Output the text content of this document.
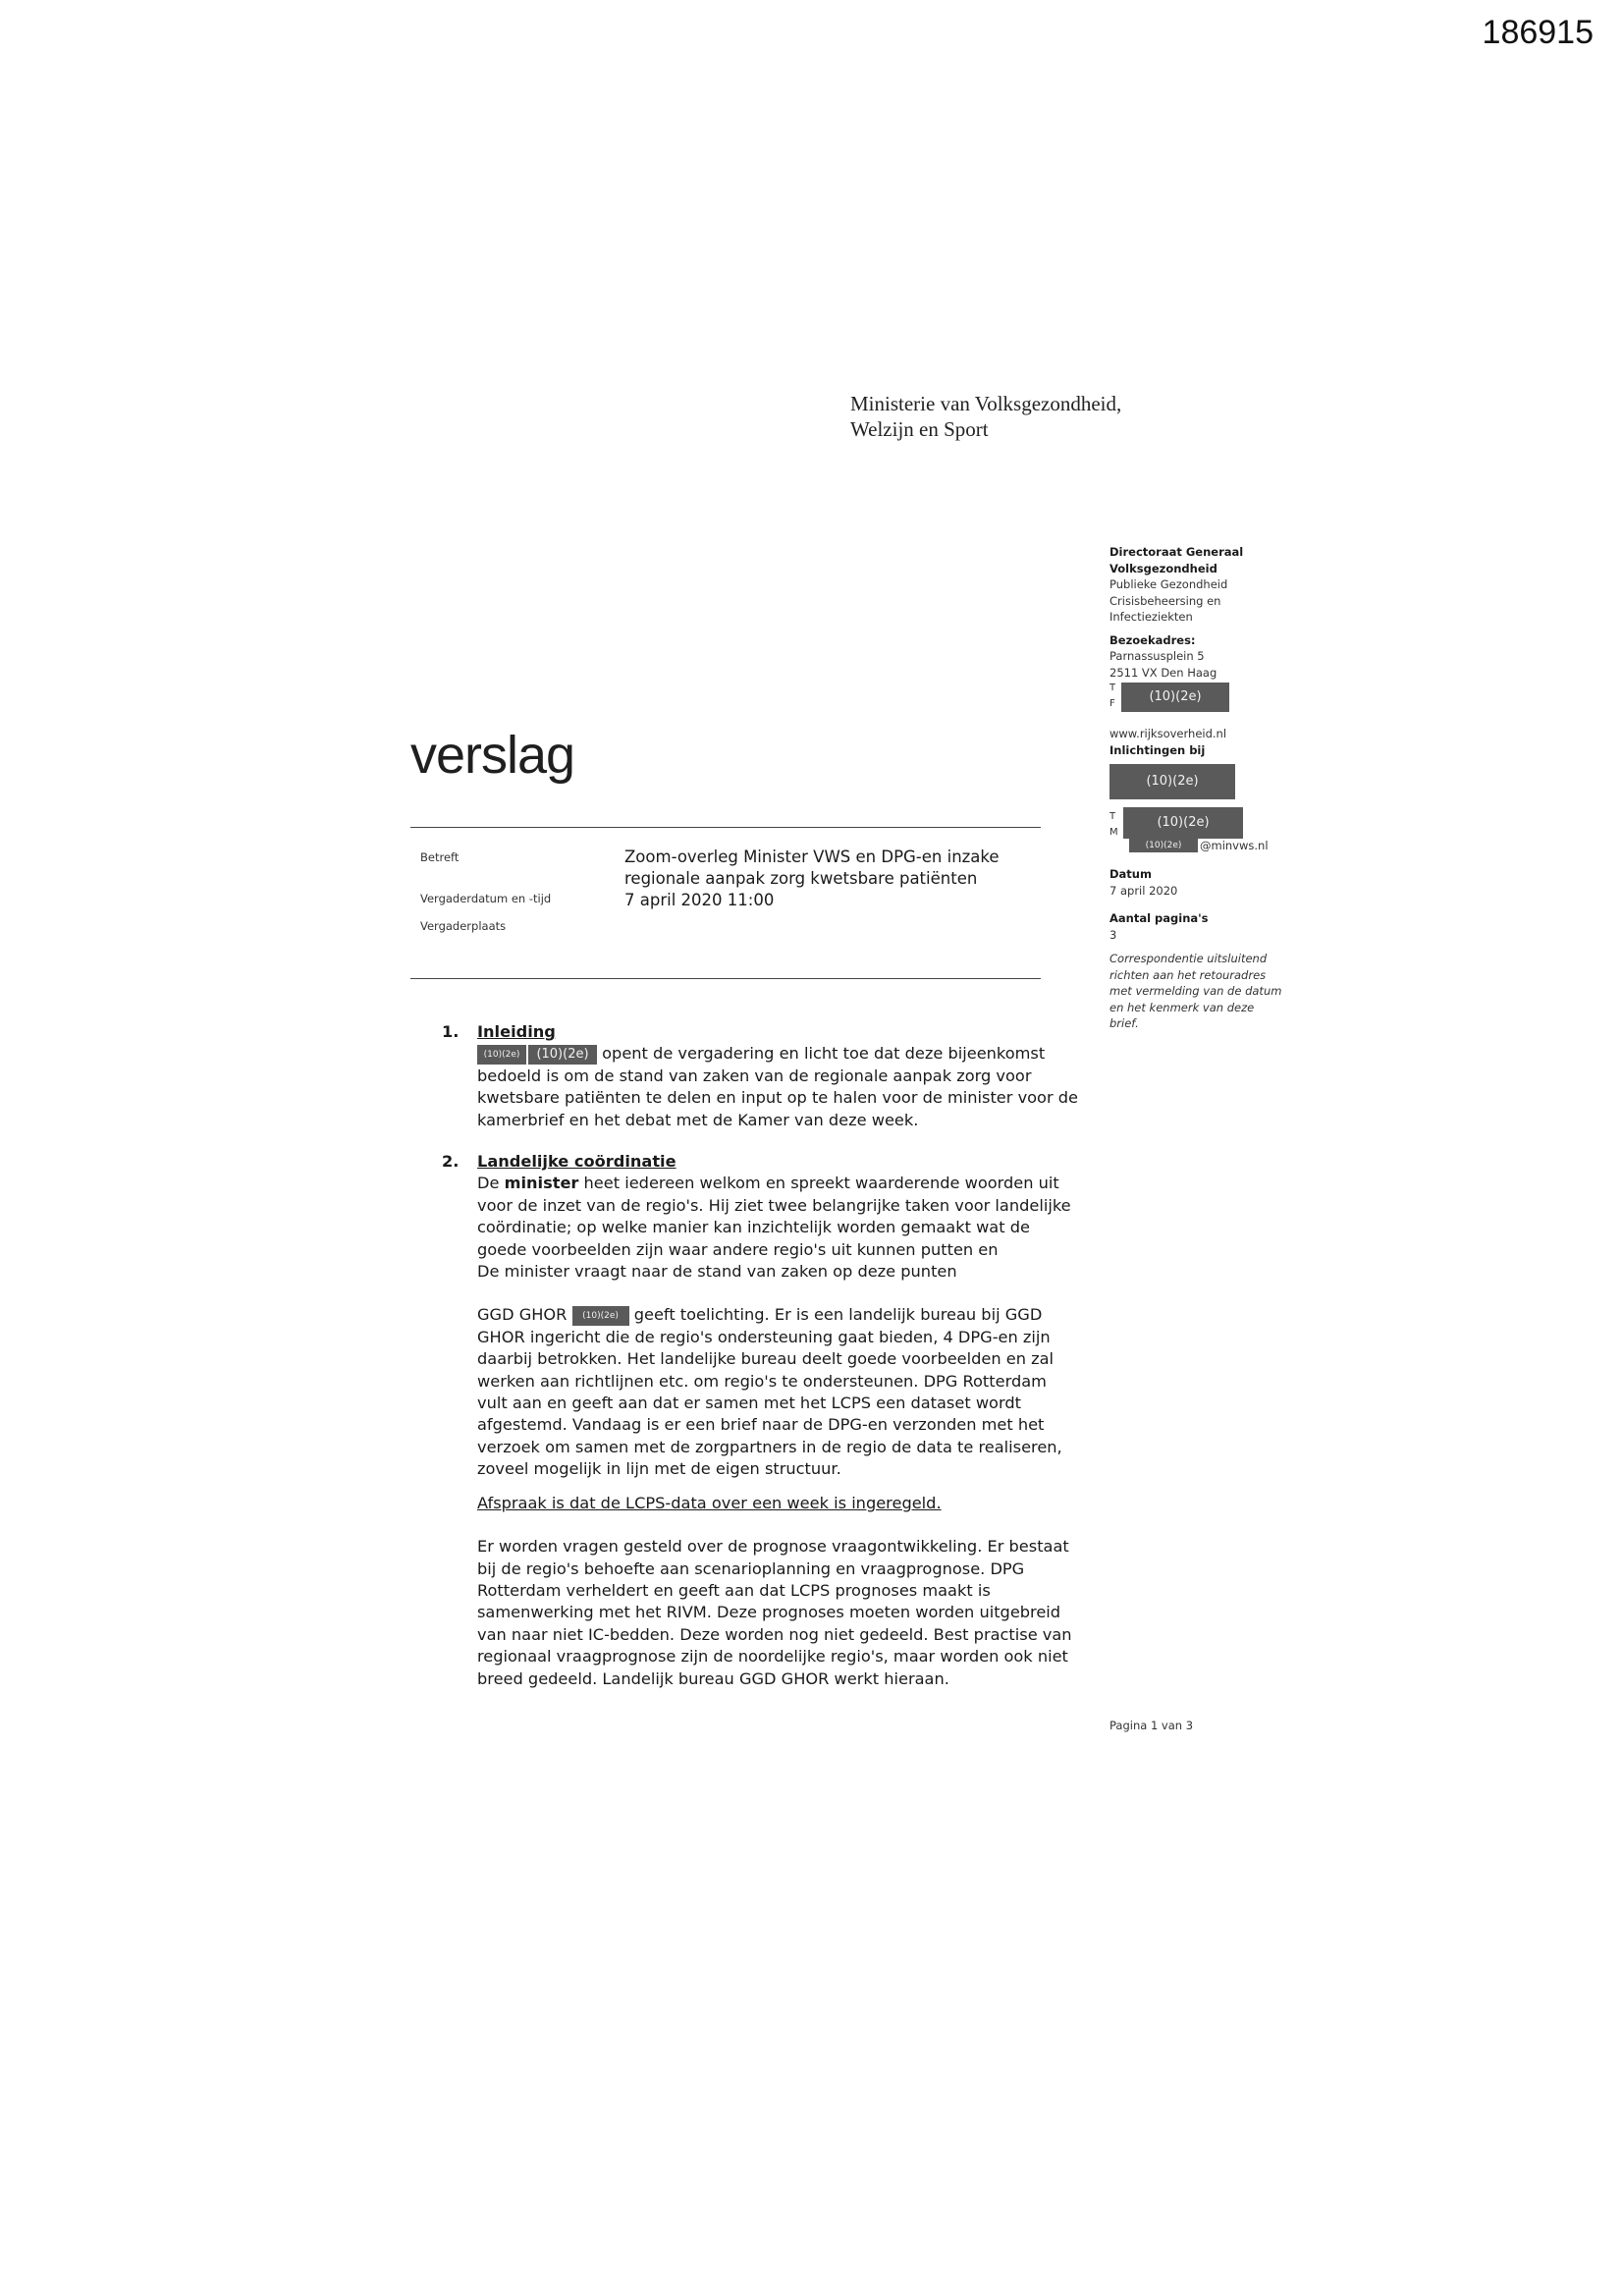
186915
Ministerie van Volksgezondheid,
Welzijn en Sport
Directoraat Generaal
Volksgezondheid
Publieke Gezondheid
Crisisbeheersing en
Infectieziekten
Bezoekadres:
Parnassusplein 5
2511 VX Den Haag
T
F	(10)(2e)
www.rijksoverheid.nl
Inlichtingen bij
(10)(2e)
T
M
(10)(2e)
(10)(2e)	@minvws.nl
Datum
7 april 2020
Aantal pagina's
3
Correspondentie uitsluitend
richten aan het retouradres
met vermelding van de datum
en het kenmerk van deze
brief.
verslag
Betreft
Vergaderdatum en -tijd
Vergaderplaats
Zoom-overleg Minister VWS en DPG-en inzake
regionale aanpak zorg kwetsbare patiënten
7 april 2020 11:00
1. Inleiding

(10)(2e) (10)(2e) opent de vergadering en licht toe dat deze bijeenkomst

bedoeld is om de stand van zaken van de regionale aanpak zorg voor

kwetsbare patiënten te delen en input op te halen voor de minister voor de

kamerbrief en het debat met de Kamer van deze week.

2. Landelijke coördinatie

De minister heet iedereen welkom en spreekt waarderende woorden uit

voor de inzet van de regio's. Hij ziet twee belangrijke taken voor landelijke

coördinatie; op welke manier kan inzichtelijk worden gemaakt wat de

goede voorbeelden zijn waar andere regio's uit kunnen putten en

De minister vraagt naar de stand van zaken op deze punten

GGD GHOR (10)(2e) geeft toelichting. Er is een landelijk bureau bij GGD

GHOR ingericht die de regio's ondersteuning gaat bieden, 4 DPG-en zijn

daarbij betrokken. Het landelijke bureau deelt goede voorbeelden en zal

werken aan richtlijnen etc. om regio's te ondersteunen. DPG Rotterdam

vult aan en geeft aan dat er samen met het LCPS een dataset wordt

afgestemd. Vandaag is er een brief naar de DPG-en verzonden met het

verzoek om samen met de zorgpartners in de regio de data te realiseren,

zoveel mogelijk in lijn met de eigen structuur.

Afspraak is dat de LCPS-data over een week is ingeregeld.

Er worden vragen gesteld over de prognose vraagontwikkeling. Er bestaat

bij de regio's behoefte aan scenarioplanning en vraagprognose. DPG

Rotterdam verheldert en geeft aan dat LCPS prognoses maakt is

samenwerking met het RIVM. Deze prognoses moeten worden uitgebreid

van naar niet IC-bedden. Deze worden nog niet gedeeld. Best practise van

regionaal vraagprognose zijn de noordelijke regio's, maar worden ook niet

breed gedeeld. Landelijk bureau GGD GHOR werkt hieraan.

Pagina 1 van 3
